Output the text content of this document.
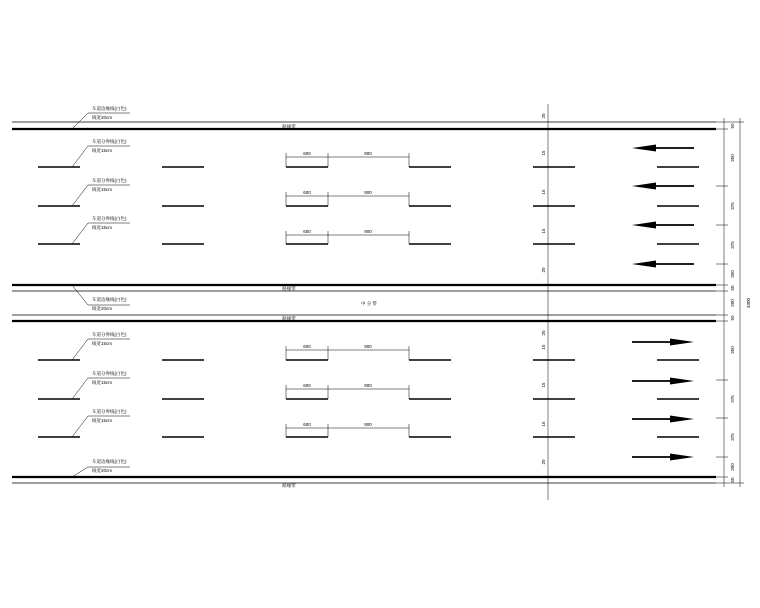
路缘带
路缘带
路缘带
路缘带
中 分 带
车道边缘线(白色)
线宽20cm
车道分界线(白色)
线宽15cm
车道分界线(白色)
线宽15cm
车道分界线(白色)
线宽15cm
车道边缘线(白色)
线宽20cm
车道分界线(白色)
线宽15cm
车道分界线(白色)
线宽15cm
车道分界线(白色)
线宽15cm
车道边缘线(白色)
线宽20cm
600	900
600	900
600	900
600	900
600	900
600	900
20
15
15
15
20
20
15
15
15
20
50
350
375
375
350
50
200
50
350
375
375
350
50
3300
